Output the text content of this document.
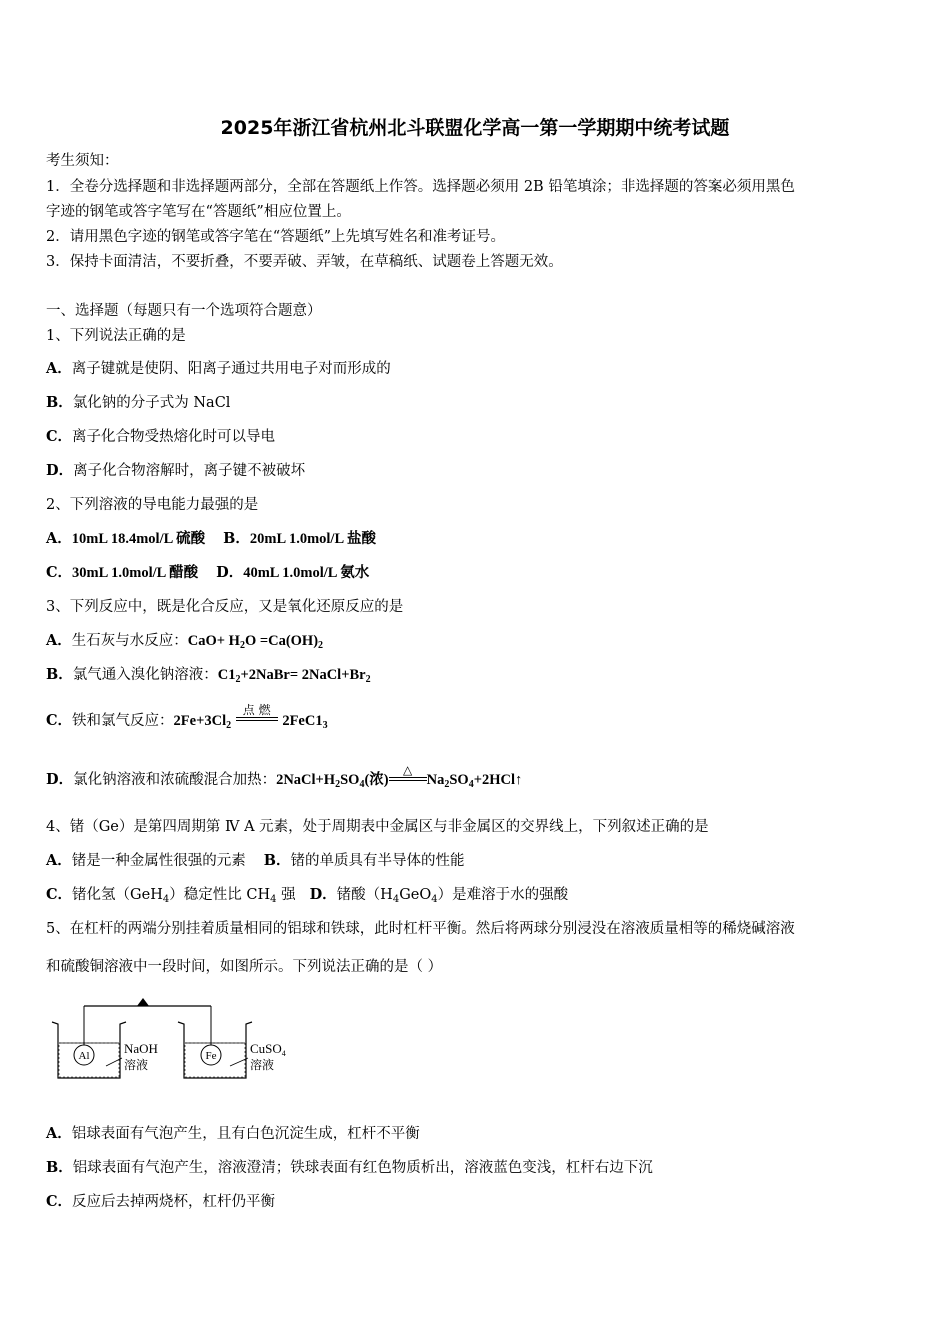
2025年浙江省杭州北斗联盟化学高一第一学期期中统考试题
考生须知：
1．全卷分选择题和非选择题两部分，全部在答题纸上作答。选择题必须用 2B 铅笔填涂；非选择题的答案必须用黑色
字迹的钢笔或答字笔写在“答题纸”相应位置上。
2．请用黑色字迹的钢笔或答字笔在“答题纸”上先填写姓名和准考证号。
3．保持卡面清洁，不要折叠，不要弄破、弄皱，在草稿纸、试题卷上答题无效。
一、选择题（每题只有一个选项符合题意）
1、下列说法正确的是
A．离子键就是使阴、阳离子通过共用电子对而形成的
B．氯化钠的分子式为 NaCl
C．离子化合物受热熔化时可以导电
D．离子化合物溶解时，离子键不被破坏
2、下列溶液的导电能力最强的是
A．10mL 18.4mol/L 硫酸 B．20mL 1.0mol/L 盐酸
C．30mL 1.0mol/L 醋酸 D．40mL 1.0mol/L 氨水
3、下列反应中，既是化合反应，又是氧化还原反应的是
A．生石灰与水反应：$CaO+ H_2O =Ca(OH)_2$
B．氯气通入溴化钠溶液：$C1_2+2NaBr=$ $2NaCl+Br_2$
C．铁和氯气反应：$2Fe+3Cl_2$
点 燃
$2FeC1_3$
D．氯化钠溶液和浓硫酸混合加热：$2NaCl+H_2SO_4$(浓)
△
$Na_2SO_4+2HCl↑$
4、锗（Ge）是第四周期第 Ⅳ A 元素，处于周期表中金属区与非金属区的交界线上，下列叙述正确的是
A．锗是一种金属性很强的元素 B．锗的单质具有半导体的性能
C．锗化氢（GeH$_4$）稳定性比 $CH_4$ 强 D．锗酸$(H_4GeO_4)$是难溶于水的强酸
5、在杠杆的两端分别挂着质量相同的铝球和铁球，此时杠杆平衡。然后将两球分别浸没在溶液质量相等的稀烧碱溶液
和硫酸铜溶液中一段时间，如图所示。下列说法正确的是（ ）
Al	NaOH
溶液
Fe	CuSO$_4$
溶液
A．铝球表面有气泡产生，且有白色沉淀生成，杠杆不平衡
B．铝球表面有气泡产生，溶液澄清；铁球表面有红色物质析出，溶液蓝色变浅，杠杆右边下沉
C．反应后去掉两烧杯，杠杆仍平衡
